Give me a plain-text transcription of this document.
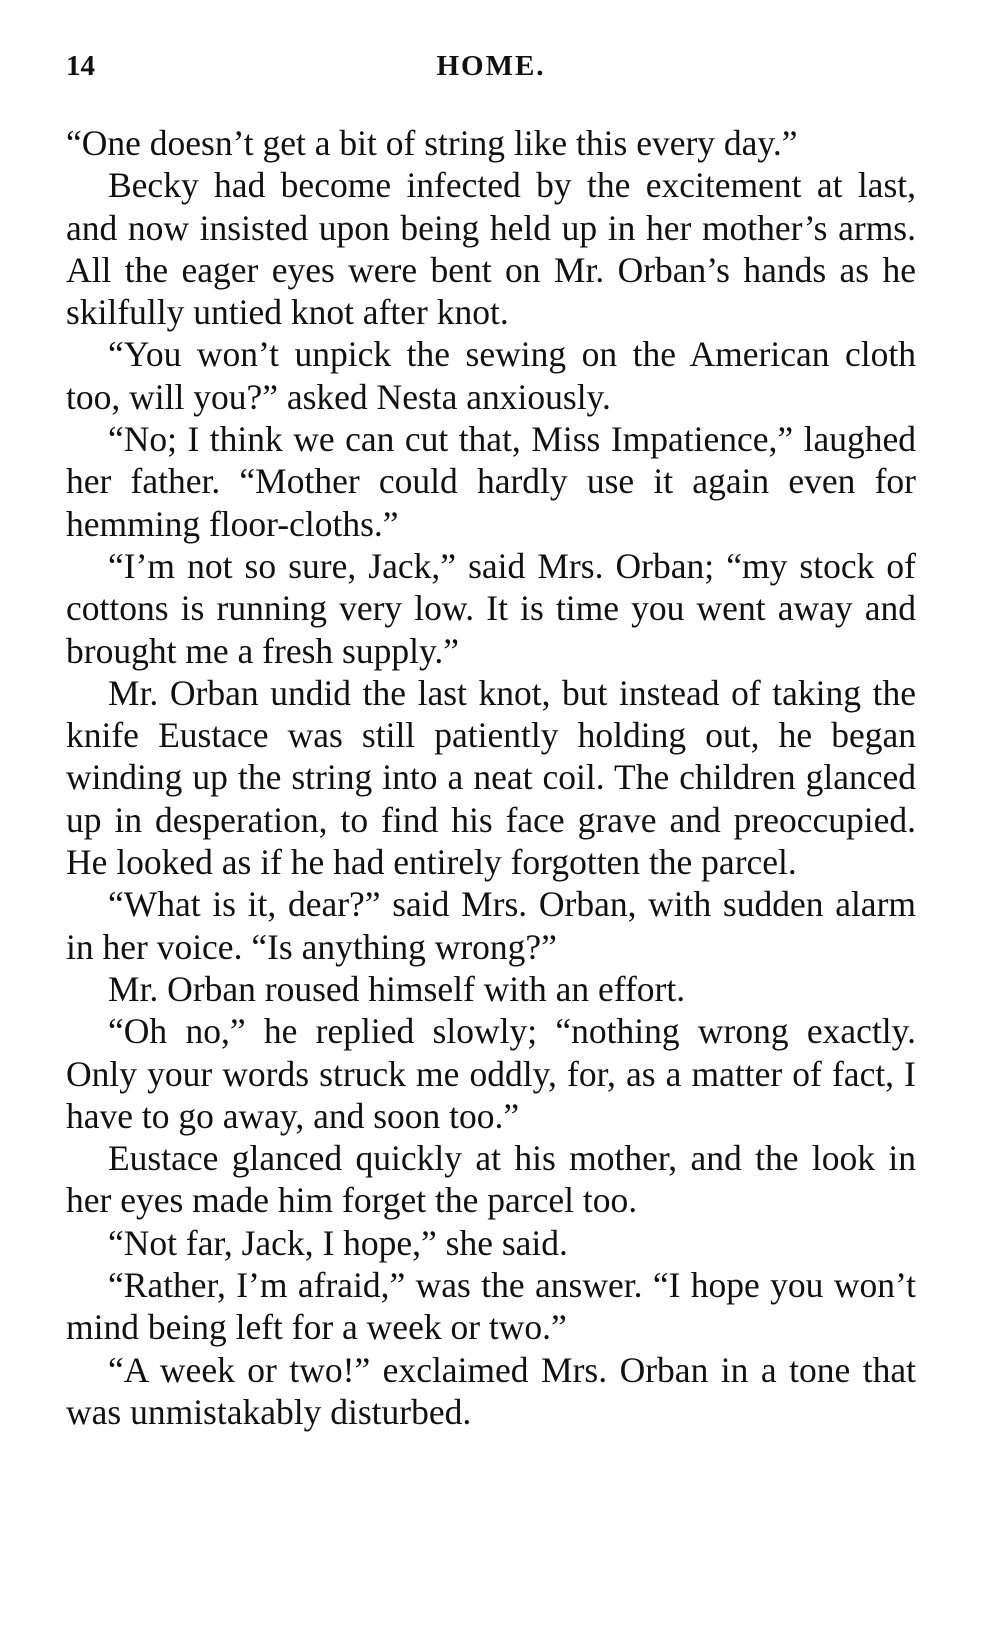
14	HOME.

“One doesn’t get a bit of string like this every day.”

Becky had become infected by the excitement at last, and now insisted upon being held up in her mother’s arms. All the eager eyes were bent on Mr. Orban’s hands as he skilfully untied knot after knot.

“You won’t unpick the sewing on the American cloth too, will you?” asked Nesta anxiously.

“No; I think we can cut that, Miss Impatience,” laughed her father. “Mother could hardly use it again even for hemming floor-cloths.”

“I’m not so sure, Jack,” said Mrs. Orban; “my stock of cottons is running very low. It is time you went away and brought me a fresh supply.”

Mr. Orban undid the last knot, but instead of taking the knife Eustace was still patiently holding out, he began winding up the string into a neat coil. The children glanced up in desperation, to find his face grave and preoccupied. He looked as if he had entirely forgotten the parcel.

“What is it, dear?” said Mrs. Orban, with sudden alarm in her voice. “Is anything wrong?”

Mr. Orban roused himself with an effort.

“Oh no,” he replied slowly; “nothing wrong exactly. Only your words struck me oddly, for, as a matter of fact, I have to go away, and soon too.”

Eustace glanced quickly at his mother, and the look in her eyes made him forget the parcel too.

“Not far, Jack, I hope,” she said.

“Rather, I’m afraid,” was the answer. “I hope you won’t mind being left for a week or two.”

“A week or two!” exclaimed Mrs. Orban in a tone that was unmistakably disturbed.
